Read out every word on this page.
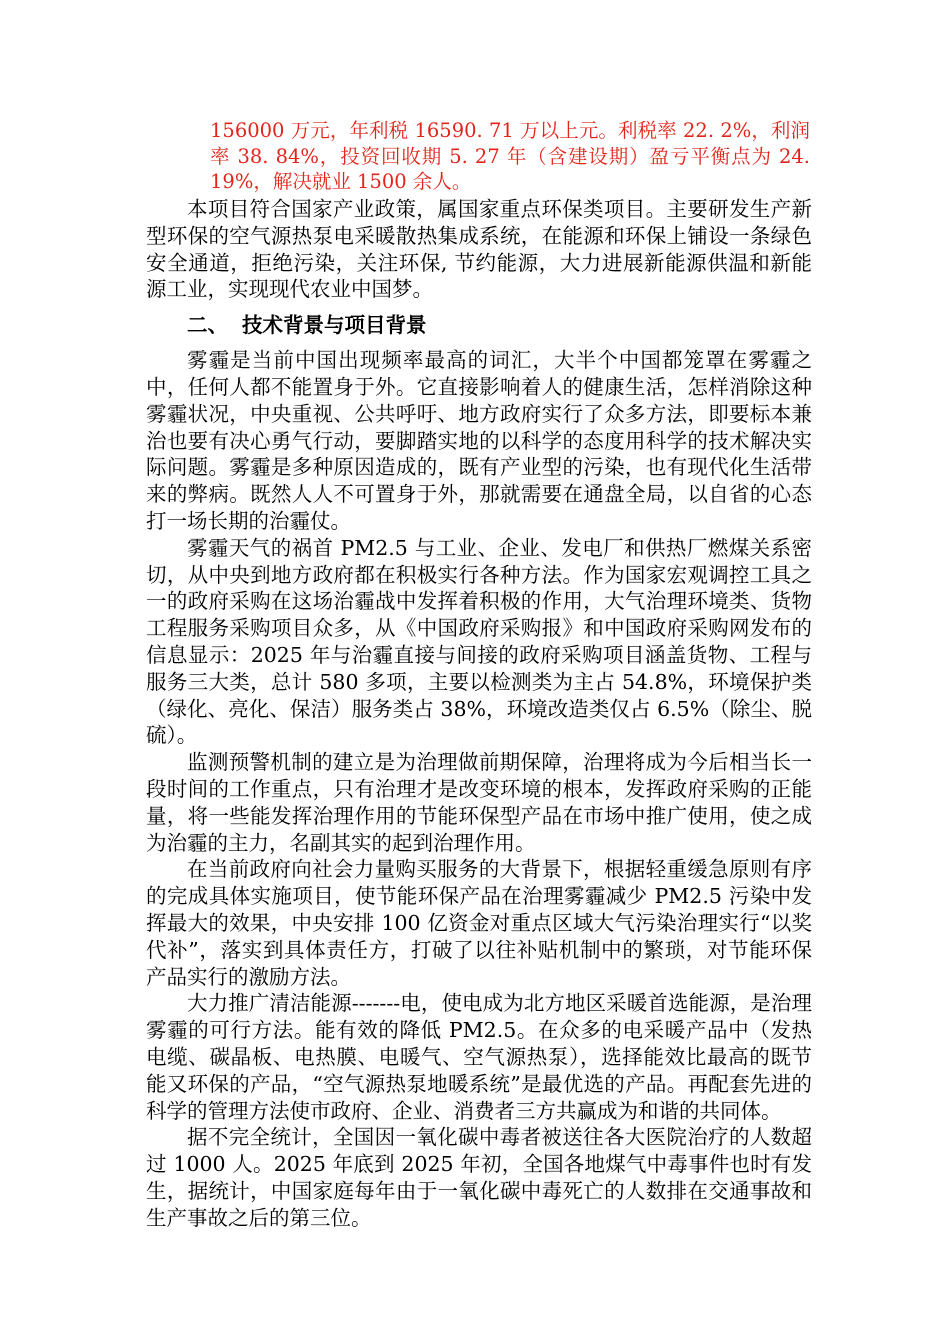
156000 万元，年利税 16590. 71 万以上元。利税率 22. 2%，利润率 38. 84%，投资回收期 5. 27 年（含建设期）盈亏平衡点为 24. 19%，解决就业 1500 余人。

本项目符合国家产业政策，属国家重点环保类项目。主要研发生产新型环保的空气源热泵电采暖散热集成系统，在能源和环保上铺设一条绿色安全通道，拒绝污染，关注环保, 节约能源，大力进展新能源供温和新能源工业，实现现代农业中国梦。

二、 技术背景与项目背景

雾霾是当前中国出现频率最高的词汇，大半个中国都笼罩在雾霾之中，任何人都不能置身于外。它直接影响着人的健康生活，怎样消除这种雾霾状况，中央重视、公共呼吁、地方政府实行了众多方法，即要标本兼治也要有决心勇气行动，要脚踏实地的以科学的态度用科学的技术解决实际问题。雾霾是多种原因造成的，既有产业型的污染，也有现代化生活带来的弊病。既然人人不可置身于外，那就需要在通盘全局，以自省的心态打一场长期的治霾仗。

雾霾天气的祸首 PM2.5 与工业、企业、发电厂和供热厂燃煤关系密切，从中央到地方政府都在积极实行各种方法。作为国家宏观调控工具之一的政府采购在这场治霾战中发挥着积极的作用，大气治理环境类、货物工程服务采购项目众多，从《中国政府采购报》和中国政府采购网发布的信息显示：2025 年与治霾直接与间接的政府采购项目涵盖货物、工程与服务三大类，总计 580 多项，主要以检测类为主占 54.8%，环境保护类（绿化、亮化、保洁）服务类占 38%，环境改造类仅占 6.5%（除尘、脱硫）。

监测预警机制的建立是为治理做前期保障，治理将成为今后相当长一段时间的工作重点，只有治理才是改变环境的根本，发挥政府采购的正能量，将一些能发挥治理作用的节能环保型产品在市场中推广使用，使之成为治霾的主力，名副其实的起到治理作用。

在当前政府向社会力量购买服务的大背景下，根据轻重缓急原则有序的完成具体实施项目，使节能环保产品在治理雾霾减少 PM2.5 污染中发挥最大的效果，中央安排 100 亿资金对重点区域大气污染治理实行“以奖代补”，落实到具体责任方，打破了以往补贴机制中的繁琐，对节能环保产品实行的激励方法。

大力推广清洁能源-------电，使电成为北方地区采暖首选能源，是治理雾霾的可行方法。能有效的降低 PM2.5。在众多的电采暖产品中（发热电缆、碳晶板、电热膜、电暖气、空气源热泵），选择能效比最高的既节能又环保的产品，“空气源热泵地暖系统”是最优选的产品。再配套先进的科学的管理方法使市政府、企业、消费者三方共赢成为和谐的共同体。

据不完全统计，全国因一氧化碳中毒者被送往各大医院治疗的人数超过 1000 人。2025 年底到 2025 年初，全国各地煤气中毒事件也时有发生，据统计，中国家庭每年由于一氧化碳中毒死亡的人数排在交通事故和生产事故之后的第三位。
